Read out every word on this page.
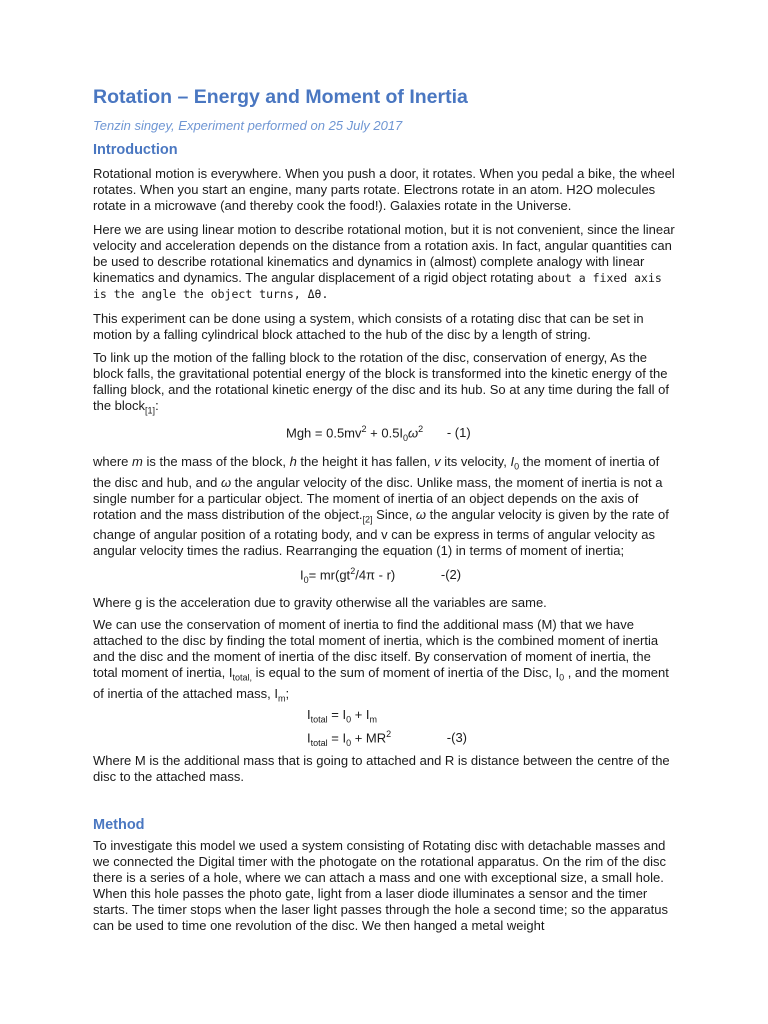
Rotation – Energy and Moment of Inertia

Tenzin singey, Experiment performed on 25 July 2017

Introduction

Rotational motion is everywhere. When you push a door, it rotates. When you pedal a bike, the wheel rotates. When you start an engine, many parts rotate. Electrons rotate in an atom. H2O molecules rotate in a microwave (and thereby cook the food!). Galaxies rotate in the Universe.

Here we are using linear motion to describe rotational motion, but it is not convenient, since the linear velocity and acceleration depends on the distance from a rotation axis. In fact, angular quantities can be used to describe rotational kinematics and dynamics in (almost) complete analogy with linear kinematics and dynamics. The angular displacement of a rigid object rotating about a fixed axis is the angle the object turns, Δθ.

This experiment can be done using a system, which consists of a rotating disc that can be set in motion by a falling cylindrical block attached to the hub of the disc by a length of string.

To link up the motion of the falling block to the rotation of the disc, conservation of energy, As the block falls, the gravitational potential energy of the block is transformed into the kinetic energy of the falling block, and the rotational kinetic energy of the disc and its hub. So at any time during the fall of the block$_{[1]}$:

Mgh = $0.5mv^2 + 0.5I_0\omega^2 - (1)$

where m is the mass of the block, h the height it has fallen, v its velocity, $I_0$ the moment of inertia of the disc and hub, and ω the angular velocity of the disc. Unlike mass, the moment of inertia is not a single number for a particular object. The moment of inertia of an object depends on the axis of rotation and the mass distribution of the $object._{[2]}$ Since, ω the angular velocity is given by the rate of change of angular position of a rotating body, and v can be express in terms of angular velocity as angular velocity times the radius. Rearranging the equation (1) in terms of moment of inertia;

$I_0= mr(gt^2/4\pi - r)$	-(2)

Where g is the acceleration due to gravity otherwise all the variables are same.

We can use the conservation of moment of inertia to find the additional mass (M) that we have attached to the disc by finding the total moment of inertia, which is the combined moment of inertia and the disc and the moment of inertia of the disc itself. By conservation of moment of inertia, the total moment of inertia, $I_{total,}$ is equal to the sum of moment of inertia of the Disc, $I_0$ , and the moment of inertia of the attached mass, $I_m$;

$I_{total} = I_0 + I_m$

$I_{total} = I_0 + MR^2$	-(3)

Where M is the additional mass that is going to attached and R is distance between the centre of the disc to the attached mass.

Method

To investigate this model we used a system consisting of Rotating disc with detachable masses and we connected the Digital timer with the photogate on the rotational apparatus. On the rim of the disc there is a series of a hole, where we can attach a mass and one with exceptional size, a small hole. When this hole passes the photo gate, light from a laser diode illuminates a sensor and the timer starts. The timer stops when the laser light passes through the hole a second time; so the apparatus can be used to time one revolution of the disc. We then hanged a metal weight
